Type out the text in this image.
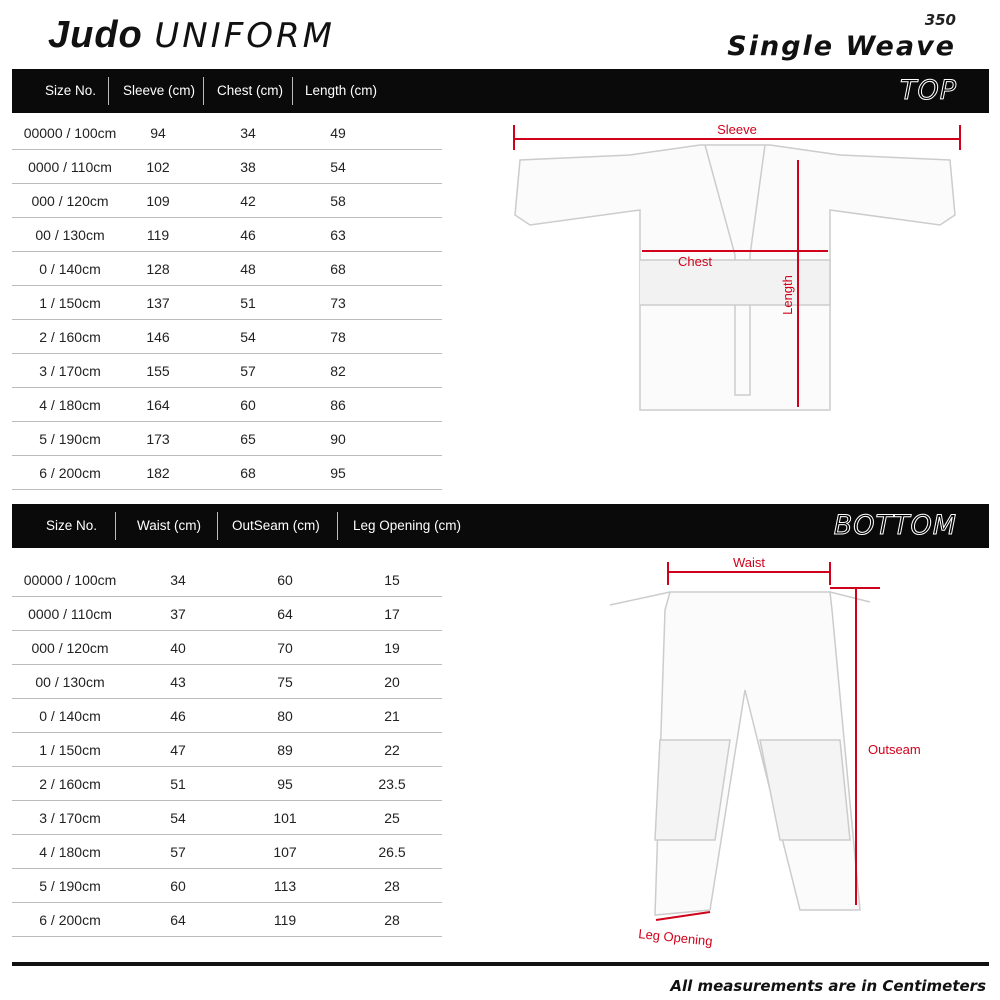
Judo UNIFORM	350
Single Weave
Size No. Sleeve (cm) Chest (cm) Length (cm)	TOP
00000 / 100cm 94	34	49
0000 / 110cm 102	38	54
000 / 120cm	109	42	58
00 / 130cm	119	46	63
0 / 140cm	128	48	68
1 / 150cm	137	51	73
2 / 160cm	146	54	78
3 / 170cm	155	57	82
4 / 180cm	164	60	86
5 / 190cm	173	65	90
6 / 200cm	182	68	95
Size No.	Waist (cm) OutSeam (cm) Leg Opening (cm)	BOTTOM
00000 / 100cm	34	60	15
0000 / 110cm	37	64	17
000 / 120cm	40	70	19
00 / 130cm	43	75	20
0 / 140cm	46	80	21
1 / 150cm	47	89	22
2 / 160cm	51	95	23.5
3 / 170cm	54	101	25
4 / 180cm	57	107	26.5
5 / 190cm	60	113	28
6 / 200cm	64	119	28
Sleeve
Chest
Length
Waist
Outseam
Leg Opening
All measurements are in Centimeters
